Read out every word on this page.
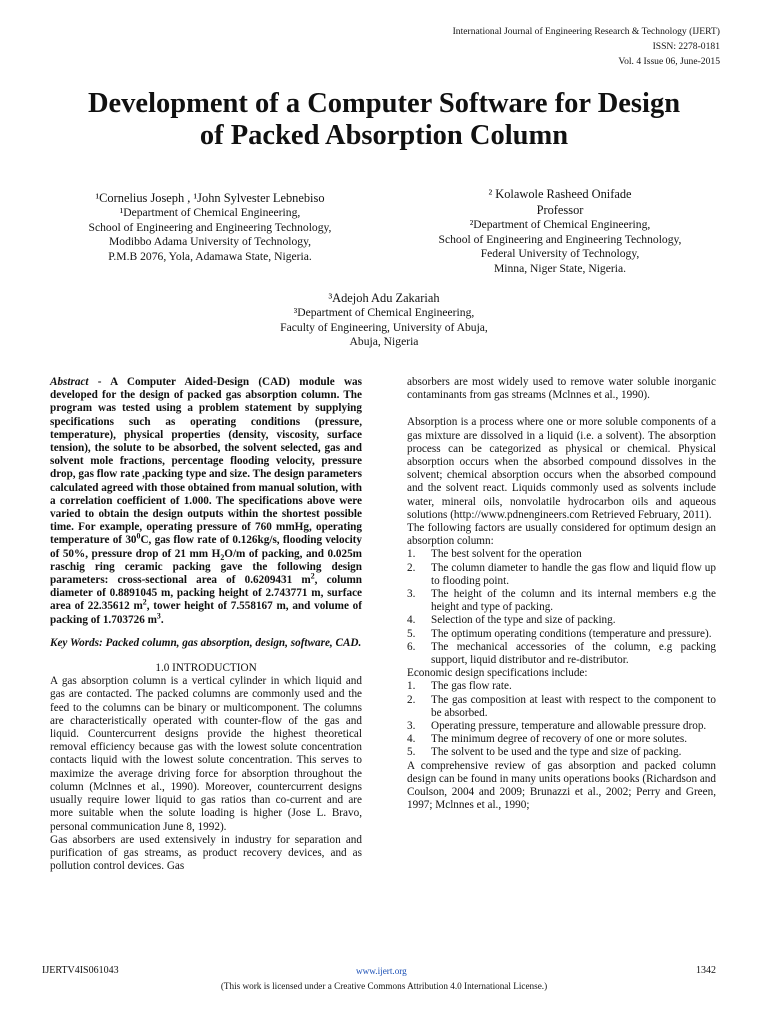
International Journal of Engineering Research & Technology (IJERT)
ISSN: 2278-0181
Vol. 4 Issue 06, June-2015
Development of a Computer Software for Design
of Packed Absorption Column
¹Cornelius Joseph , ¹John Sylvester Lebnebiso
¹Department of Chemical Engineering,
School of Engineering and Engineering Technology,
Modibbo Adama University of Technology,
P.M.B 2076, Yola, Adamawa State, Nigeria.
² Kolawole Rasheed Onifade
Professor
²Department of Chemical Engineering,
School of Engineering and Engineering Technology,
Federal University of Technology,
Minna, Niger State, Nigeria.
³Adejoh Adu Zakariah
³Department of Chemical Engineering,
Faculty of Engineering, University of Abuja,
Abuja, Nigeria

Abstract - A Computer Aided-Design (CAD) module was developed for the design of packed gas absorption column. The program was tested using a problem statement by supplying specifications such as operating conditions (pressure, temperature), physical properties (density, viscosity, surface tension), the solute to be absorbed, the solvent selected, gas and solvent mole fractions, percentage flooding velocity, pressure drop, gas flow rate ,packing type and size. The design parameters calculated agreed with those obtained from manual solution, with a correlation coefficient of 1.000. The specifications above were varied to obtain the design outputs within the shortest possible time. For example, operating pressure of 760 mmHg, operating temperature of $30^0C$, gas flow rate of 0.126kg/s, flooding velocity of 50%, pressure drop of 21 mm $H_2O/m$ of packing, and 0.025m raschig ring ceramic packing gave the following design parameters: cross-sectional area of 0.6209431 $m^2$, column diameter of 0.8891045 m, packing height of 2.743771 m, surface area of 22.35612 $m^2$, tower height of 7.558167 m, and volume of packing of 1.703726 $m^3$.

Key Words: Packed column, gas absorption, design, software, CAD.

1.0 INTRODUCTION

A gas absorption column is a vertical cylinder in which liquid and gas are contacted. The packed columns are commonly used and the feed to the columns can be binary or multicomponent. The columns are characteristically operated with counter-flow of the gas and liquid. Countercurrent designs provide the highest theoretical removal efficiency because gas with the lowest solute concentration contacts liquid with the lowest solute concentration. This serves to maximize the average driving force for absorption throughout the column (Mclnnes et al., 1990). Moreover, countercurrent designs usually require lower liquid to gas ratios than co-current and are more suitable when the solute loading is higher (Jose L. Bravo, personal communication June 8, 1992).

Gas absorbers are used extensively in industry for separation and purification of gas streams, as product recovery devices, and as pollution control devices. Gas

absorbers are most widely used to remove water soluble inorganic contaminants from gas streams (Mclnnes et al., 1990).

Absorption is a process where one or more soluble components of a gas mixture are dissolved in a liquid (i.e. a solvent). The absorption process can be categorized as physical or chemical. Physical absorption occurs when the absorbed compound dissolves in the solvent; chemical absorption occurs when the absorbed compound and the solvent react. Liquids commonly used as solvents include water, mineral oils, nonvolatile hydrocarbon oils and aqueous solutions (http://www.pdnengineers.com Retrieved February, 2011).

The following factors are usually considered for optimum design an absorption column:

1.	The best solvent for the operation
2.	The column diameter to handle the gas flow and liquid flow up to flooding point.
3.	The height of the column and its internal members e.g the height and type of packing.
4.	Selection of the type and size of packing.
5.	The optimum operating conditions (temperature and pressure).
6.	The mechanical accessories of the column, e.g packing support, liquid distributor and re-distributor.

Economic design specifications include:

1.	The gas flow rate.
2.	The gas composition at least with respect to the component to be absorbed.
3.	Operating pressure, temperature and allowable pressure drop.
4.	The minimum degree of recovery of one or more solutes.
5.	The solvent to be used and the type and size of packing.

A comprehensive review of gas absorption and packed column design can be found in many units operations books (Richardson and Coulson, 2004 and 2009; Brunazzi et al., 2002; Perry and Green, 1997; Mclnnes et al., 1990;

IJERTV4IS061043	www.ijert.org	1342
(This work is licensed under a Creative Commons Attribution 4.0 International License.)
